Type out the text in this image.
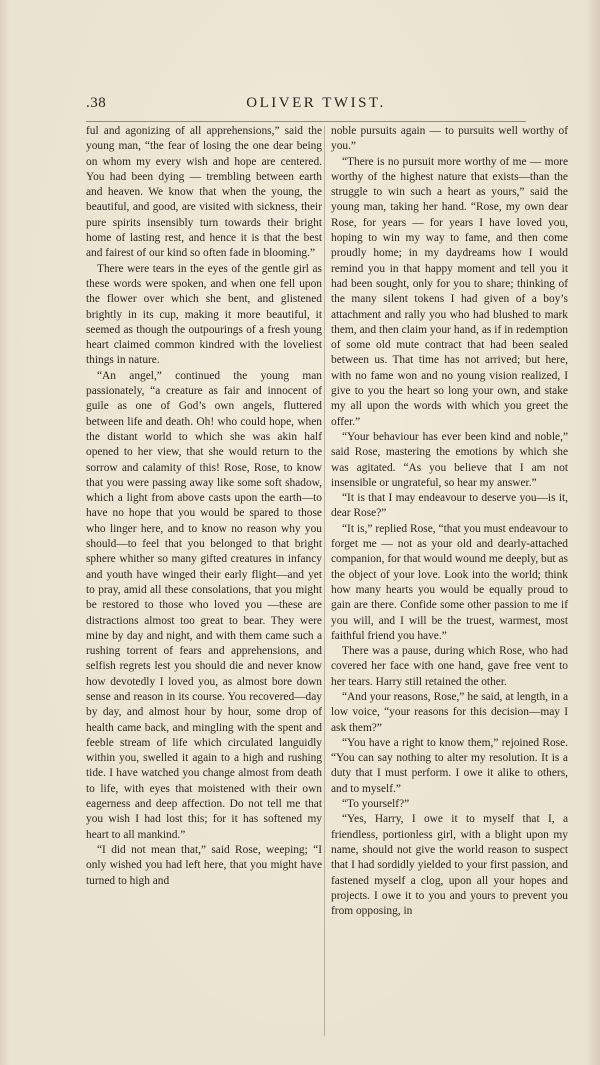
.38	OLIVER TWIST.

ful and agonizing of all apprehensions,” said the young man, “the fear of losing the one dear being on whom my every wish and hope are centered. You had been dying — trembling between earth and heaven. We know that when the young, the beautiful, and good, are visited with sickness, their pure spirits insensibly turn towards their bright home of lasting rest, and hence it is that the best and fairest of our kind so often fade in blooming.”

There were tears in the eyes of the gentle girl as these words were spoken, and when one fell upon the flower over which she bent, and glistened brightly in its cup, making it more beautiful, it seemed as though the outpourings of a fresh young heart claimed common kindred with the loveliest things in nature.

“An angel,” continued the young man passionately, “a creature as fair and innocent of guile as one of God’s own angels, fluttered between life and death. Oh! who could hope, when the distant world to which she was akin half opened to her view, that she would return to the sorrow and calamity of this! Rose, Rose, to know that you were passing away like some soft shadow, which a light from above casts upon the earth—to have no hope that you would be spared to those who linger here, and to know no reason why you should—to feel that you belonged to that bright sphere whither so many gifted creatures in infancy and youth have winged their early flight—and yet to pray, amid all these consolations, that you might be restored to those who loved you —these are distractions almost too great to bear. They were mine by day and night, and with them came such a rushing torrent of fears and apprehensions, and selfish regrets lest you should die and never know how devotedly I loved you, as almost bore down sense and reason in its course. You recovered—day by day, and almost hour by hour, some drop of health came back, and mingling with the spent and feeble stream of life which circulated languidly within you, swelled it again to a high and rushing tide. I have watched you change almost from death to life, with eyes that moistened with their own eagerness and deep affection. Do not tell me that you wish I had lost this; for it has softened my heart to all mankind.”

“I did not mean that,” said Rose, weeping; “I only wished you had left here, that you might have turned to high and

noble pursuits again — to pursuits well worthy of you.”

“There is no pursuit more worthy of me — more worthy of the highest nature that exists—than the struggle to win such a heart as yours,” said the young man, taking her hand. “Rose, my own dear Rose, for years — for years I have loved you, hoping to win my way to fame, and then come proudly home; in my daydreams how I would remind you in that happy moment and tell you it had been sought, only for you to share; thinking of the many silent tokens I had given of a boy’s attachment and rally you who had blushed to mark them, and then claim your hand, as if in redemption of some old mute contract that had been sealed between us. That time has not arrived; but here, with no fame won and no young vision realized, I give to you the heart so long your own, and stake my all upon the words with which you greet the offer.”

“Your behaviour has ever been kind and noble,” said Rose, mastering the emotions by which she was agitated. “As you believe that I am not insensible or ungrateful, so hear my answer.”

“It is that I may endeavour to deserve you—is it, dear Rose?”

“It is,” replied Rose, “that you must endeavour to forget me — not as your old and dearly-attached companion, for that would wound me deeply, but as the object of your love. Look into the world; think how many hearts you would be equally proud to gain are there. Confide some other passion to me if you will, and I will be the truest, warmest, most faithful friend you have.”

There was a pause, during which Rose, who had covered her face with one hand, gave free vent to her tears. Harry still retained the other.

“And your reasons, Rose,” he said, at length, in a low voice, “your reasons for this decision—may I ask them?”

“You have a right to know them,” rejoined Rose. “You can say nothing to alter my resolution. It is a duty that I must perform. I owe it alike to others, and to myself.”

“To yourself?”

“Yes, Harry, I owe it to myself that I, a friendless, portionless girl, with a blight upon my name, should not give the world reason to suspect that I had sordidly yielded to your first passion, and fastened myself a clog, upon all your hopes and projects. I owe it to you and yours to prevent you from opposing, in
